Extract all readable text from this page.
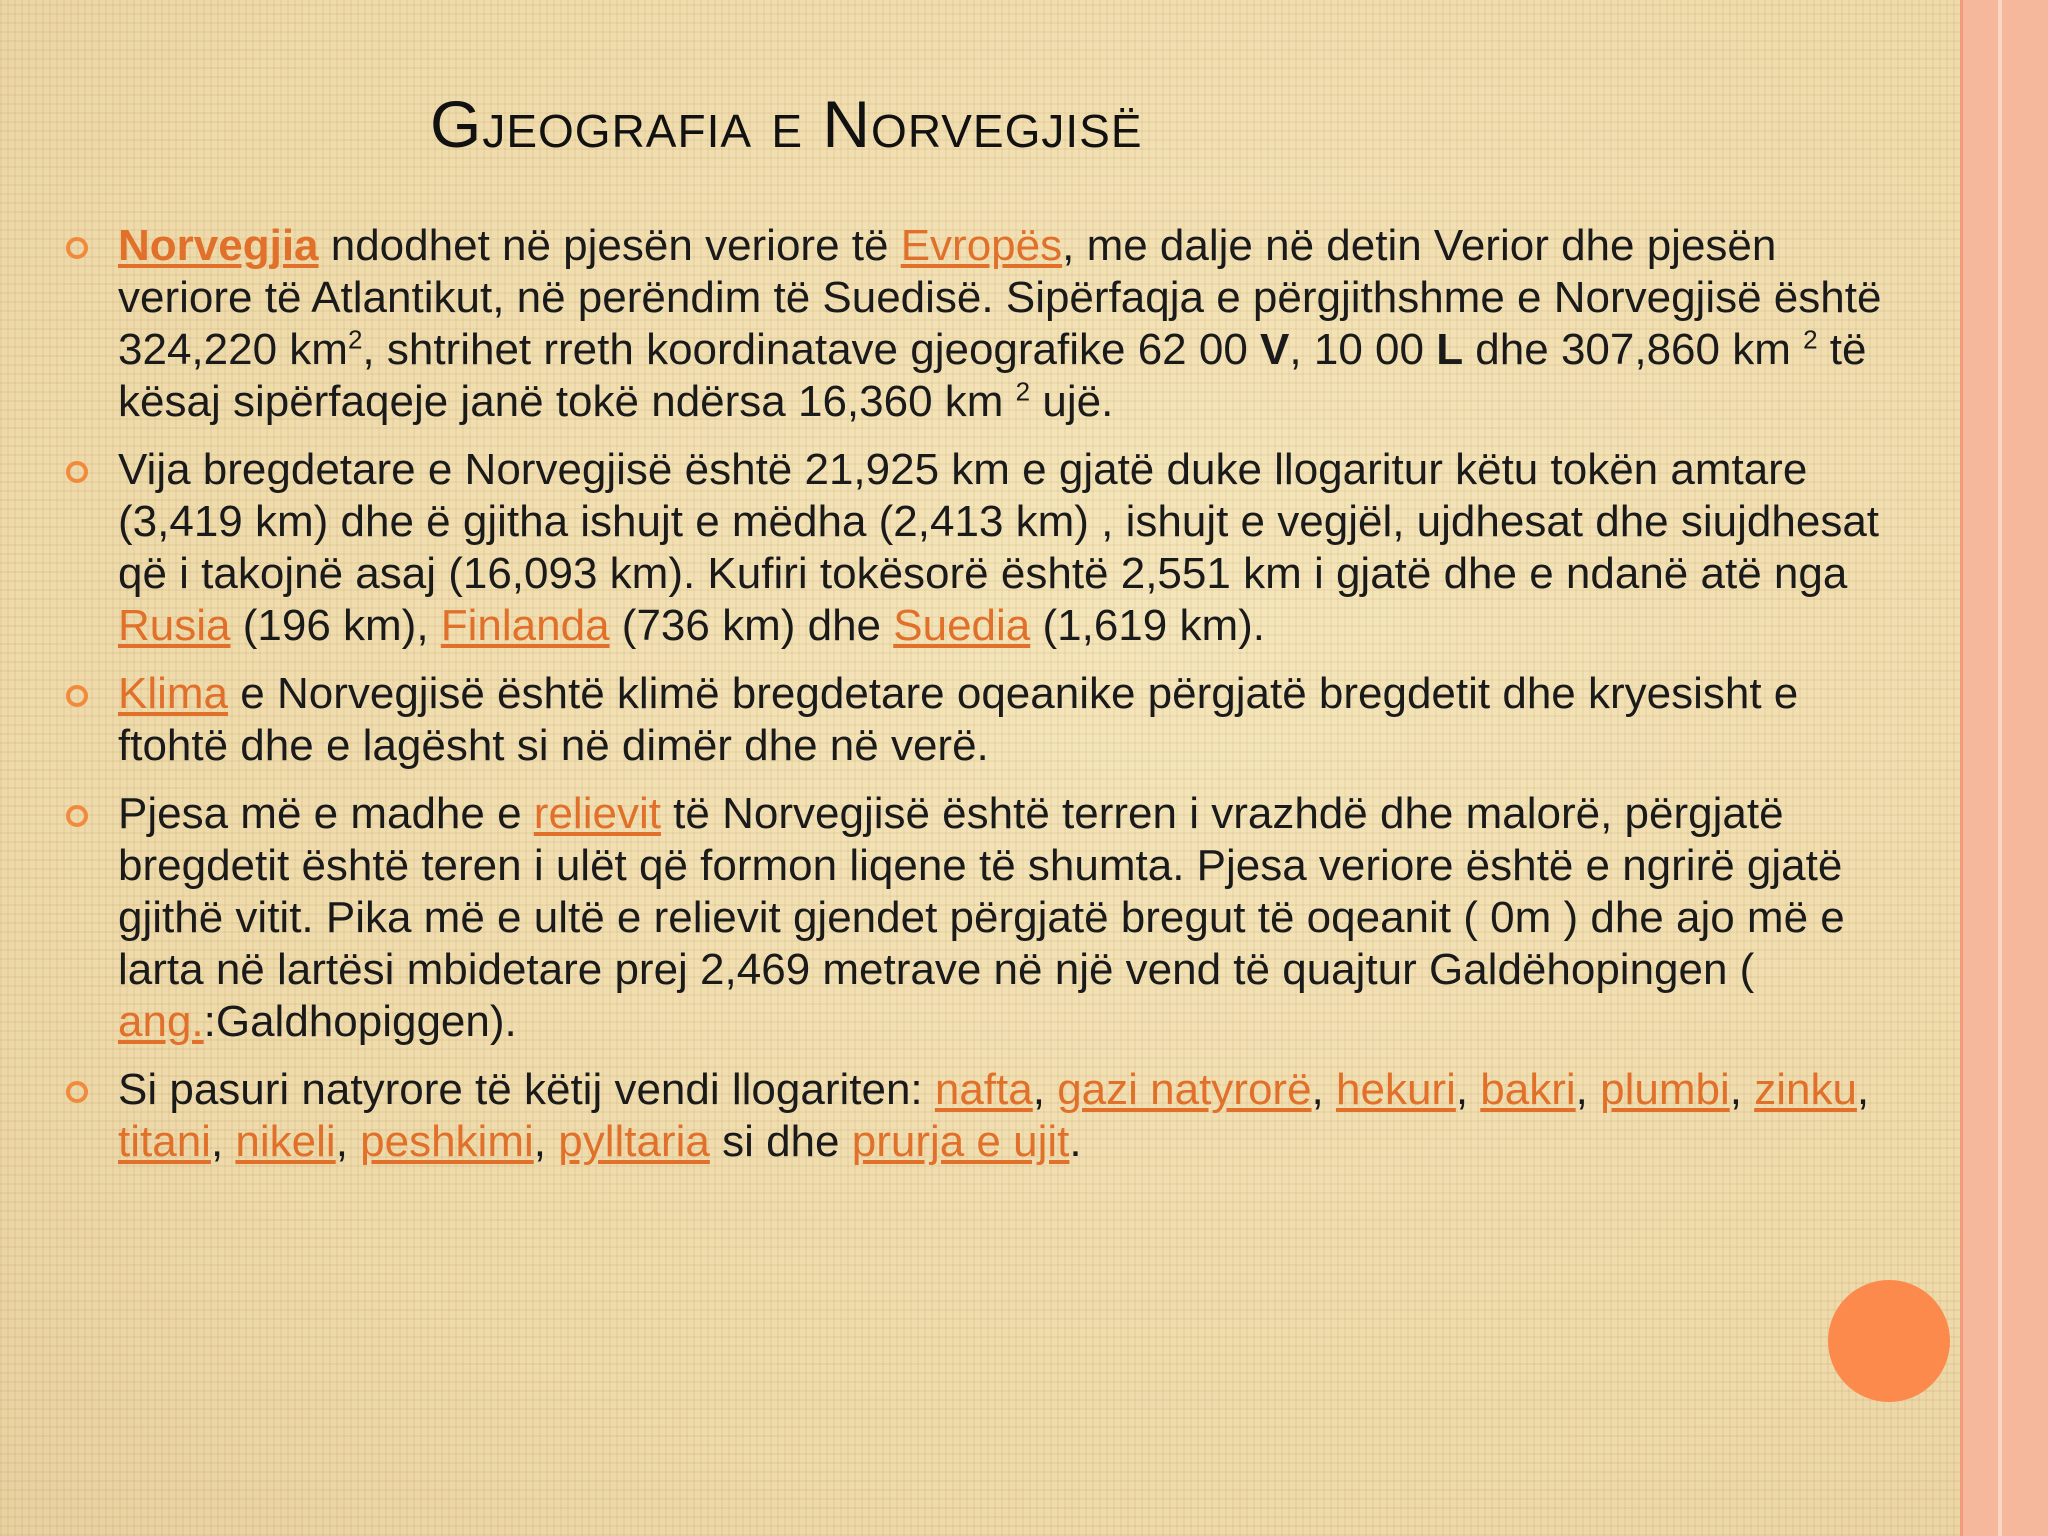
Gjeografia e Norvegjisë
Norvegjia ndodhet në pjesën veriore të Evropës, me dalje në detin Verior dhe pjesën veriore të Atlantikut, në perëndim të Suedisë. Sipërfaqja e përgjithshme e Norvegjisë është 324,220 $km^2$, shtrihet rreth koordinatave gjeografike 62 00 V, 10 00 L dhe 307,860 km $^2$ të kësaj sipërfaqeje janë tokë ndërsa 16,360 km $^2$ ujë.
Vija bregdetare e Norvegjisë është 21,925 km e gjatë duke llogaritur këtu tokën amtare (3,419 km) dhe ë gjitha ishujt e mëdha (2,413 km) , ishujt e vegjël, ujdhesat dhe siujdhesat që i takojnë asaj (16,093 km). Kufiri tokësorë është 2,551 km i gjatë dhe e ndanë atë nga Rusia (196 km), Finlanda (736 km) dhe Suedia (1,619 km).
Klima e Norvegjisë është klimë bregdetare oqeanike përgjatë bregdetit dhe kryesisht e ftohtë dhe e lagësht si në dimër dhe në verë.
Pjesa më e madhe e relievit të Norvegjisë është terren i vrazhdë dhe malorë, përgjatë bregdetit është teren i ulët që formon liqene të shumta. Pjesa veriore është e ngrirë gjatë gjithë vitit. Pika më e ultë e relievit gjendet përgjatë bregut të oqeanit ( 0m ) dhe ajo më e larta në lartësi mbidetare prej 2,469 metrave në një vend të quajtur Galdëhopingen ( ang.:Galdhopiggen).
Si pasuri natyrore të këtij vendi llogariten: nafta, gazi natyrorë, hekuri, bakri, plumbi, zinku, titani, nikeli, peshkimi, pylltaria si dhe prurja e ujit.
